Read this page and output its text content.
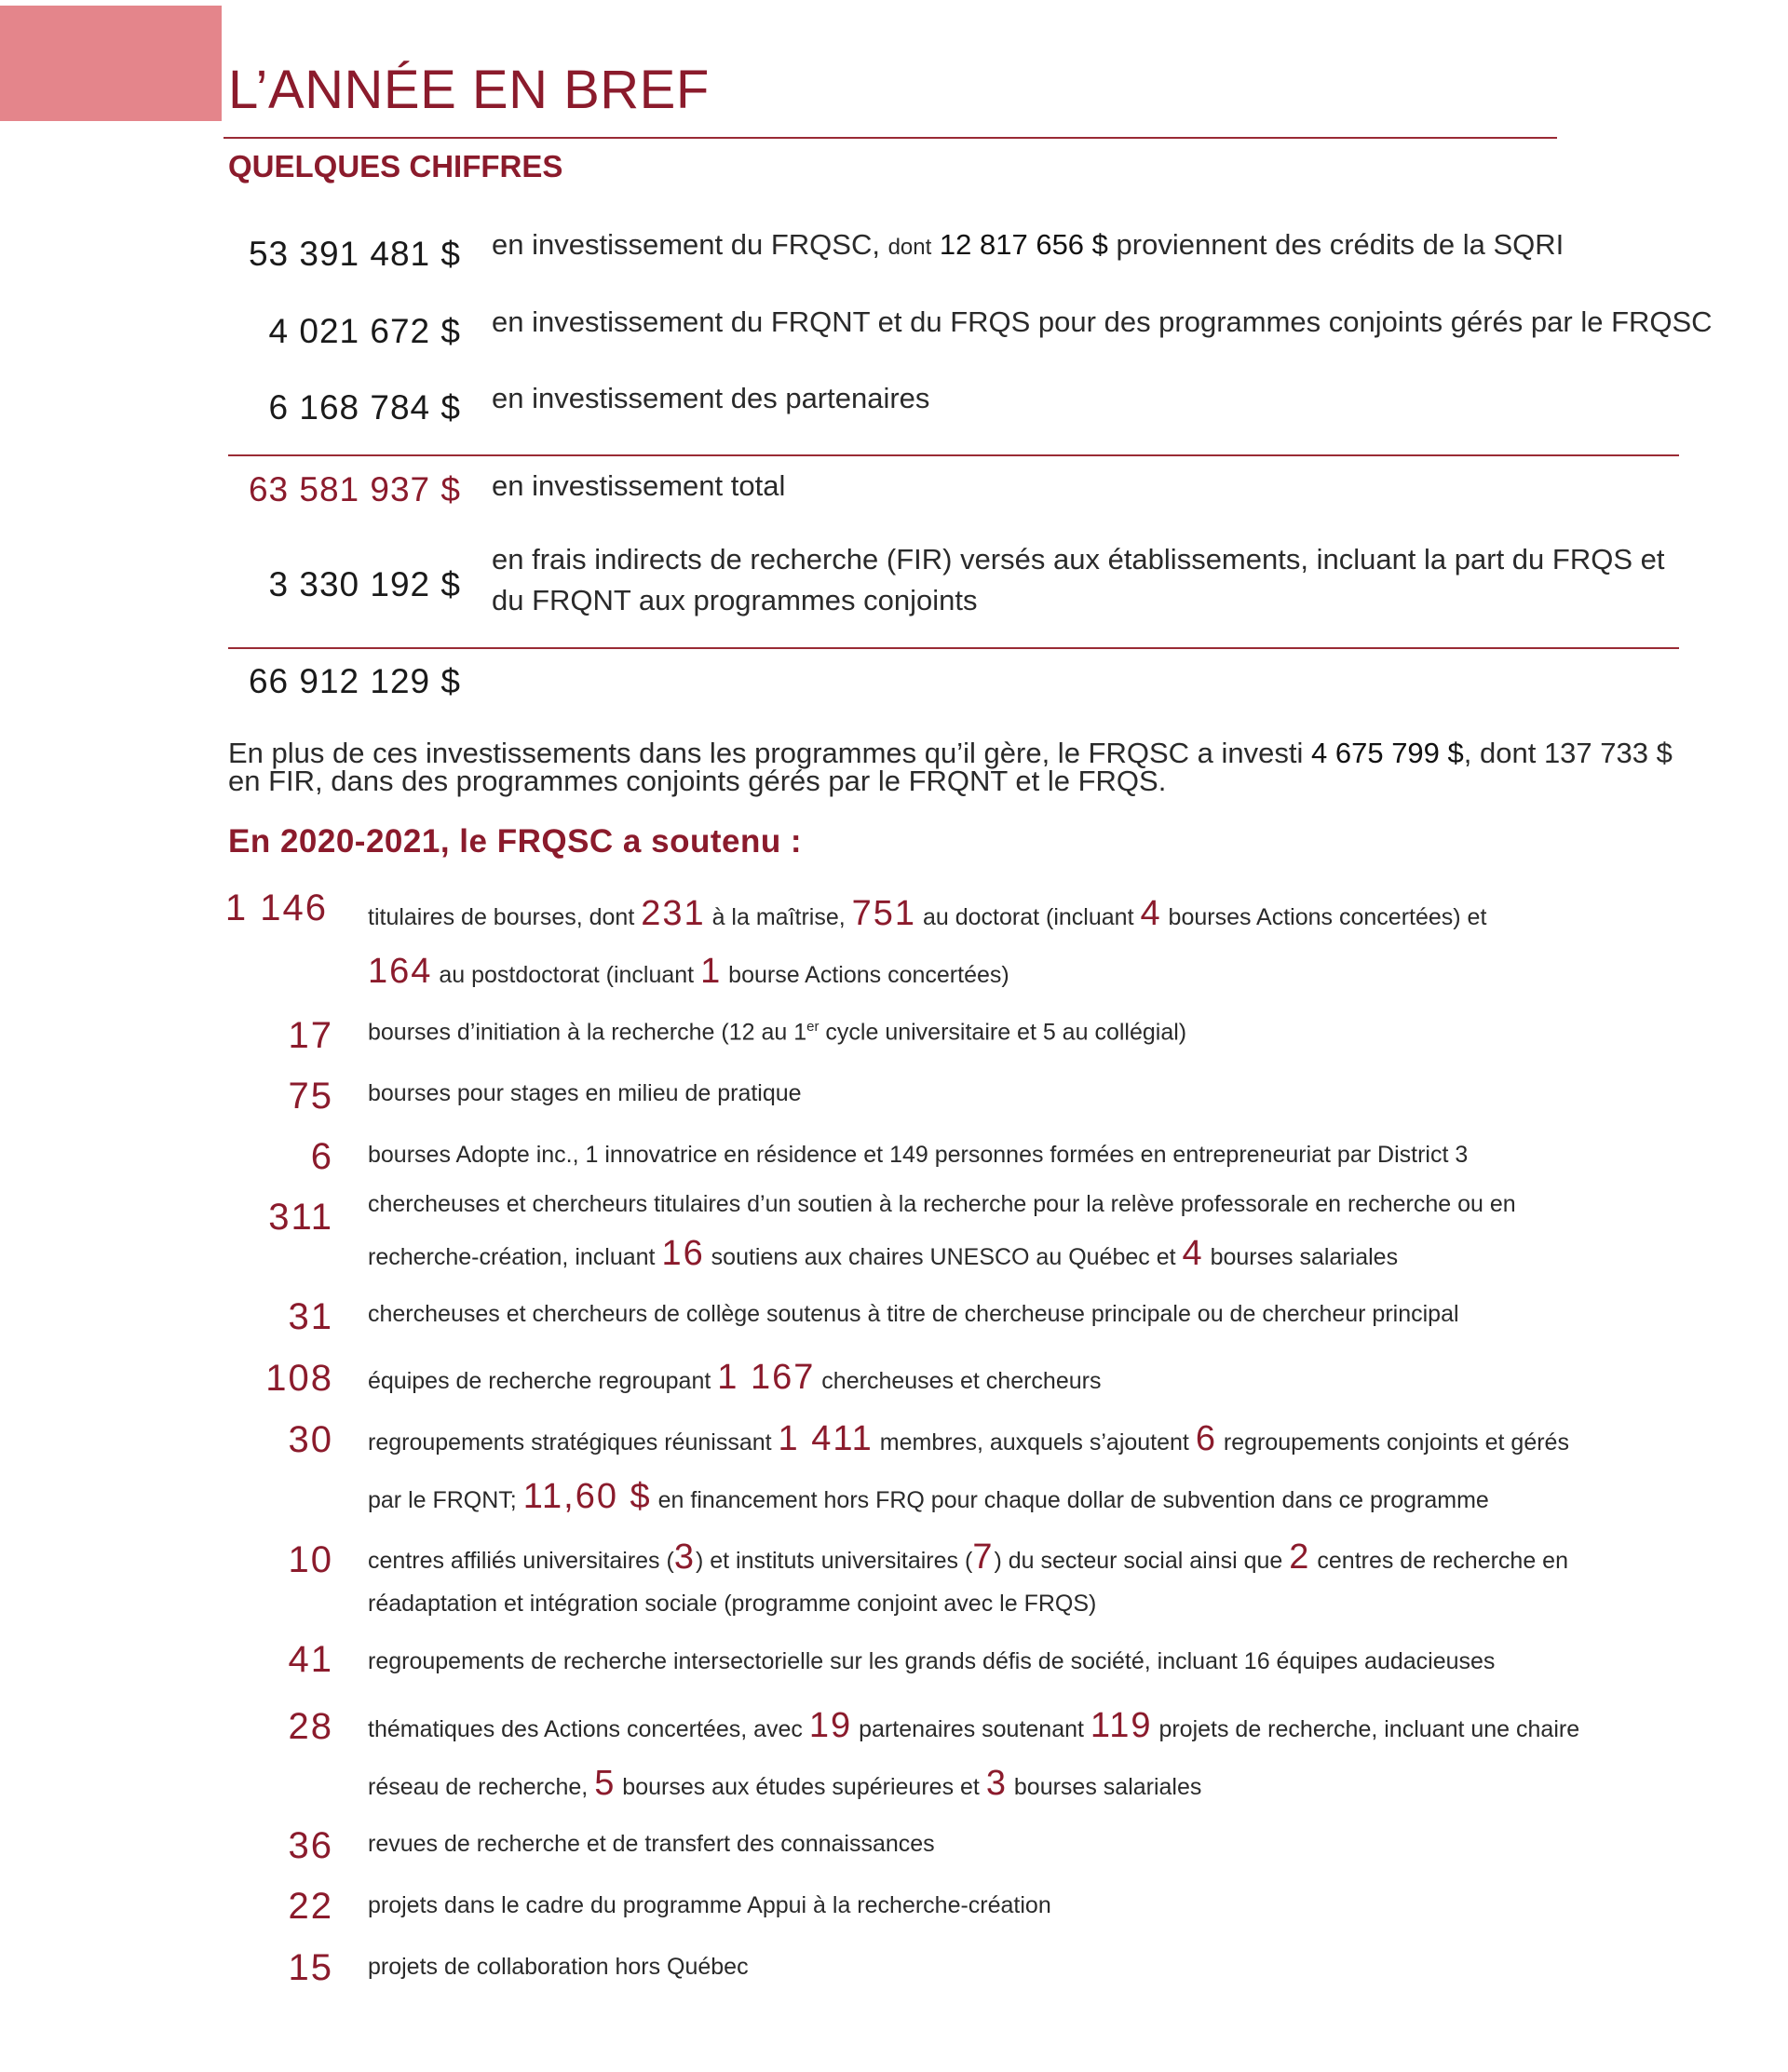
L’ANNÉE EN BREF
QUELQUES CHIFFRES
53 391 481 $ en investissement du FRQSC, dont 12 817 656 $ proviennent des crédits de la SQRI
4 021 672 $ en investissement du FRQNT et du FRQS pour des programmes conjoints gérés par le FRQSC
6 168 784 $ en investissement des partenaires
63 581 937 $ en investissement total
3 330 192 $
en frais indirects de recherche (FIR) versés aux établissements, incluant la part du FRQS et
du FRQNT aux programmes conjoints
66 912 129 $
En plus de ces investissements dans les programmes qu’il gère, le FRQSC a investi 4 675 799 $, dont 137 733 $ en FIR, dans des programmes conjoints gérés par le FRQNT et le FRQS.
En 2020-2021, le FRQSC a soutenu :
1 146 titulaires de bourses, dont 231 à la maîtrise, 751 au doctorat (incluant 4 bourses Actions concertées) et
164 au postdoctorat (incluant 1 bourse Actions concertées)
17 bourses d’initiation à la recherche (12 au 1er cycle universitaire et 5 au collégial)
75 bourses pour stages en milieu de pratique
6 bourses Adopte inc., 1 innovatrice en résidence et 149 personnes formées en entrepreneuriat par District 3
311 chercheuses et chercheurs titulaires d’un soutien à la recherche pour la relève professorale en recherche ou en
recherche-création, incluant 16 soutiens aux chaires UNESCO au Québec et 4 bourses salariales
31 chercheuses et chercheurs de collège soutenus à titre de chercheuse principale ou de chercheur principal
108 équipes de recherche regroupant 1 167 chercheuses et chercheurs
30 regroupements stratégiques réunissant 1 411 membres, auxquels s’ajoutent 6 regroupements conjoints et gérés
par le FRQNT; 11,60 $ en financement hors FRQ pour chaque dollar de subvention dans ce programme
10 centres affiliés universitaires (3) et instituts universitaires (7) du secteur social ainsi que 2 centres de recherche en
réadaptation et intégration sociale (programme conjoint avec le FRQS)
41 regroupements de recherche intersectorielle sur les grands défis de société, incluant 16 équipes audacieuses
28 thématiques des Actions concertées, avec 19 partenaires soutenant 119 projets de recherche, incluant une chaire
réseau de recherche, 5 bourses aux études supérieures et 3 bourses salariales
36 revues de recherche et de transfert des connaissances
22 projets dans le cadre du programme Appui à la recherche-création
15 projets de collaboration hors Québec
